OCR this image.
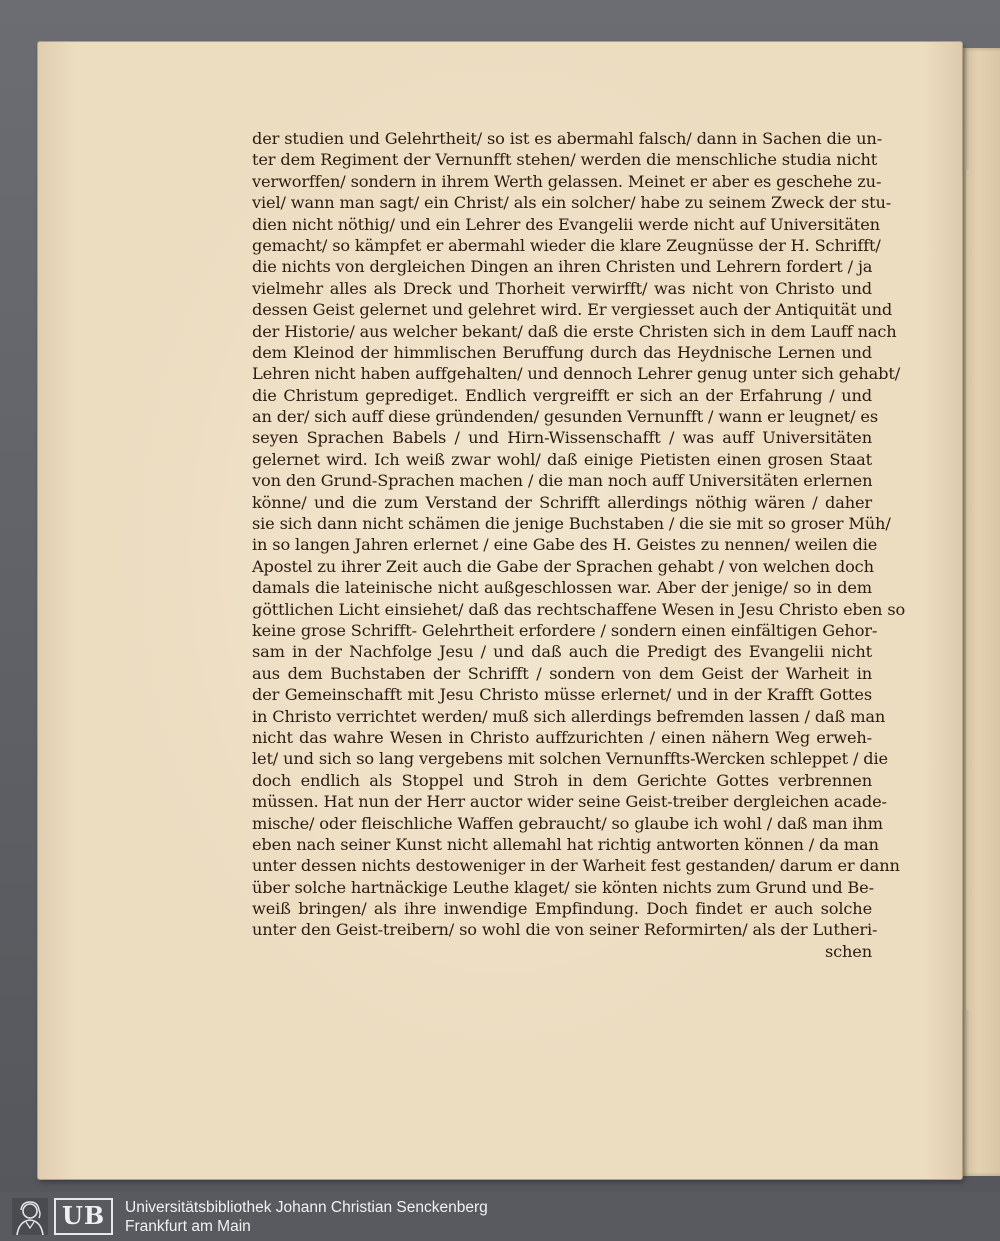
der studien und Gelehrtheit/ so ist es abermahl falsch/ dann in Sachen die un-
ter dem Regiment der Vernunfft stehen/ werden die menschliche studia nicht
verworffen/ sondern in ihrem Werth gelassen. Meinet er aber es geschehe zu-
viel/ wann man sagt/ ein Christ/ als ein solcher/ habe zu seinem Zweck der stu-
dien nicht nöthig/ und ein Lehrer des Evangelii werde nicht auf Universitäten
gemacht/ so kämpfet er abermahl wieder die klare Zeugnüsse der H. Schrifft/
die nichts von dergleichen Dingen an ihren Christen und Lehrern fordert / ja
vielmehr alles als Dreck und Thorheit verwirfft/ was nicht von Christo und
dessen Geist gelernet und gelehret wird. Er vergiesset auch der Antiquität und
der Historie/ aus welcher bekant/ daß die erste Christen sich in dem Lauff nach
dem Kleinod der himmlischen Beruffung durch das Heydnische Lernen und
Lehren nicht haben auffgehalten/ und dennoch Lehrer genug unter sich gehabt/
die Christum geprediget. Endlich vergreifft er sich an der Erfahrung / und
an der/ sich auff diese gründenden/ gesunden Vernunfft / wann er leugnet/ es
seyen Sprachen Babels / und Hirn-Wissenschafft / was auff Universitäten
gelernet wird. Ich weiß zwar wohl/ daß einige Pietisten einen grosen Staat
von den Grund-Sprachen machen / die man noch auff Universitäten erlernen
könne/ und die zum Verstand der Schrifft allerdings nöthig wären / daher
sie sich dann nicht schämen die jenige Buchstaben / die sie mit so groser Müh/
in so langen Jahren erlernet / eine Gabe des H. Geistes zu nennen/ weilen die
Apostel zu ihrer Zeit auch die Gabe der Sprachen gehabt / von welchen doch
damals die lateinische nicht außgeschlossen war. Aber der jenige/ so in dem
göttlichen Licht einsiehet/ daß das rechtschaffene Wesen in Jesu Christo eben so
keine grose Schrifft- Gelehrtheit erfordere / sondern einen einfältigen Gehor-
sam in der Nachfolge Jesu / und daß auch die Predigt des Evangelii nicht
aus dem Buchstaben der Schrifft / sondern von dem Geist der Warheit in
der Gemeinschafft mit Jesu Christo müsse erlernet/ und in der Krafft Gottes
in Christo verrichtet werden/ muß sich allerdings befremden lassen / daß man
nicht das wahre Wesen in Christo auffzurichten / einen nähern Weg erweh-
let/ und sich so lang vergebens mit solchen Vernunffts-Wercken schleppet / die
doch endlich als Stoppel und Stroh in dem Gerichte Gottes verbrennen
müssen. Hat nun der Herr auctor wider seine Geist-treiber dergleichen acade-
mische/ oder fleischliche Waffen gebraucht/ so glaube ich wohl / daß man ihm
eben nach seiner Kunst nicht allemahl hat richtig antworten können / da man
unter dessen nichts destoweniger in der Warheit fest gestanden/ darum er dann
über solche hartnäckige Leuthe klaget/ sie könten nichts zum Grund und Be-
weiß bringen/ als ihre inwendige Empfindung. Doch findet er auch solche
unter den Geist-treibern/ so wohl die von seiner Reformirten/ als der Lutheri-
schen
UB	Universitätsbibliothek Johann Christian Senckenberg
Frankfurt am Main
